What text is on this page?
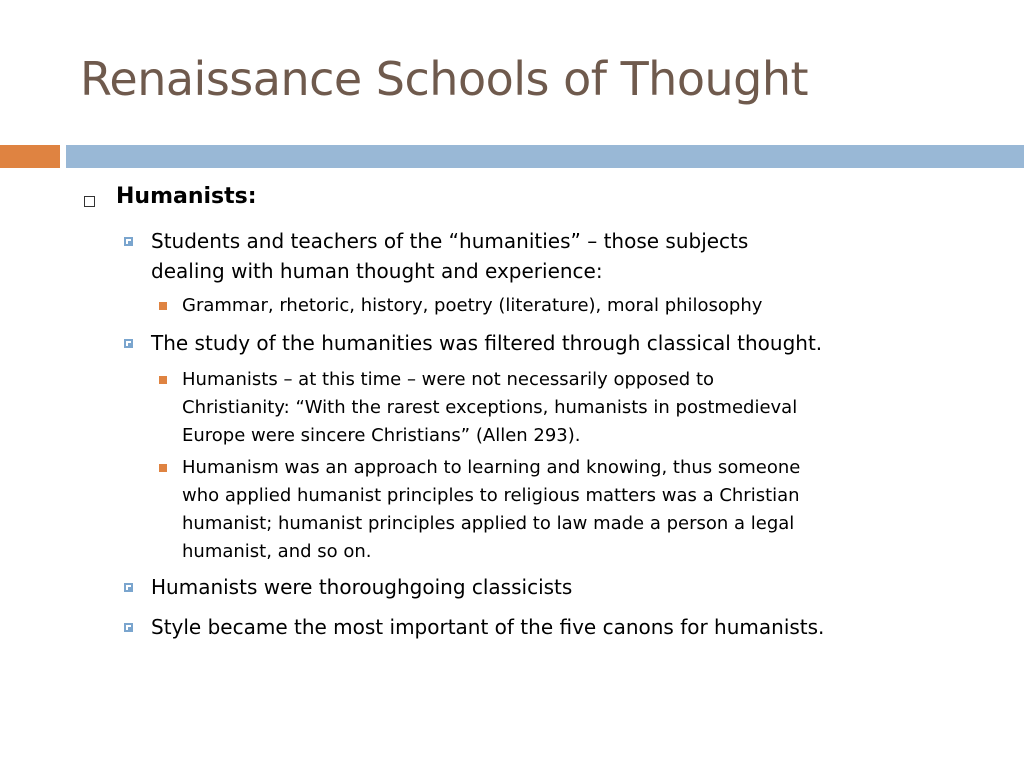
Renaissance Schools of Thought
Humanists:
Students and teachers of the “humanities” – those subjects
dealing with human thought and experience:
Grammar, rhetoric, history, poetry (literature), moral philosophy
The study of the humanities was filtered through classical thought.
Humanists – at this time – were not necessarily opposed to
Christianity: “With the rarest exceptions, humanists in postmedieval
Europe were sincere Christians” (Allen 293).
Humanism was an approach to learning and knowing, thus someone
who applied humanist principles to religious matters was a Christian
humanist; humanist principles applied to law made a person a legal
humanist, and so on.
Humanists were thoroughgoing classicists
Style became the most important of the five canons for humanists.
